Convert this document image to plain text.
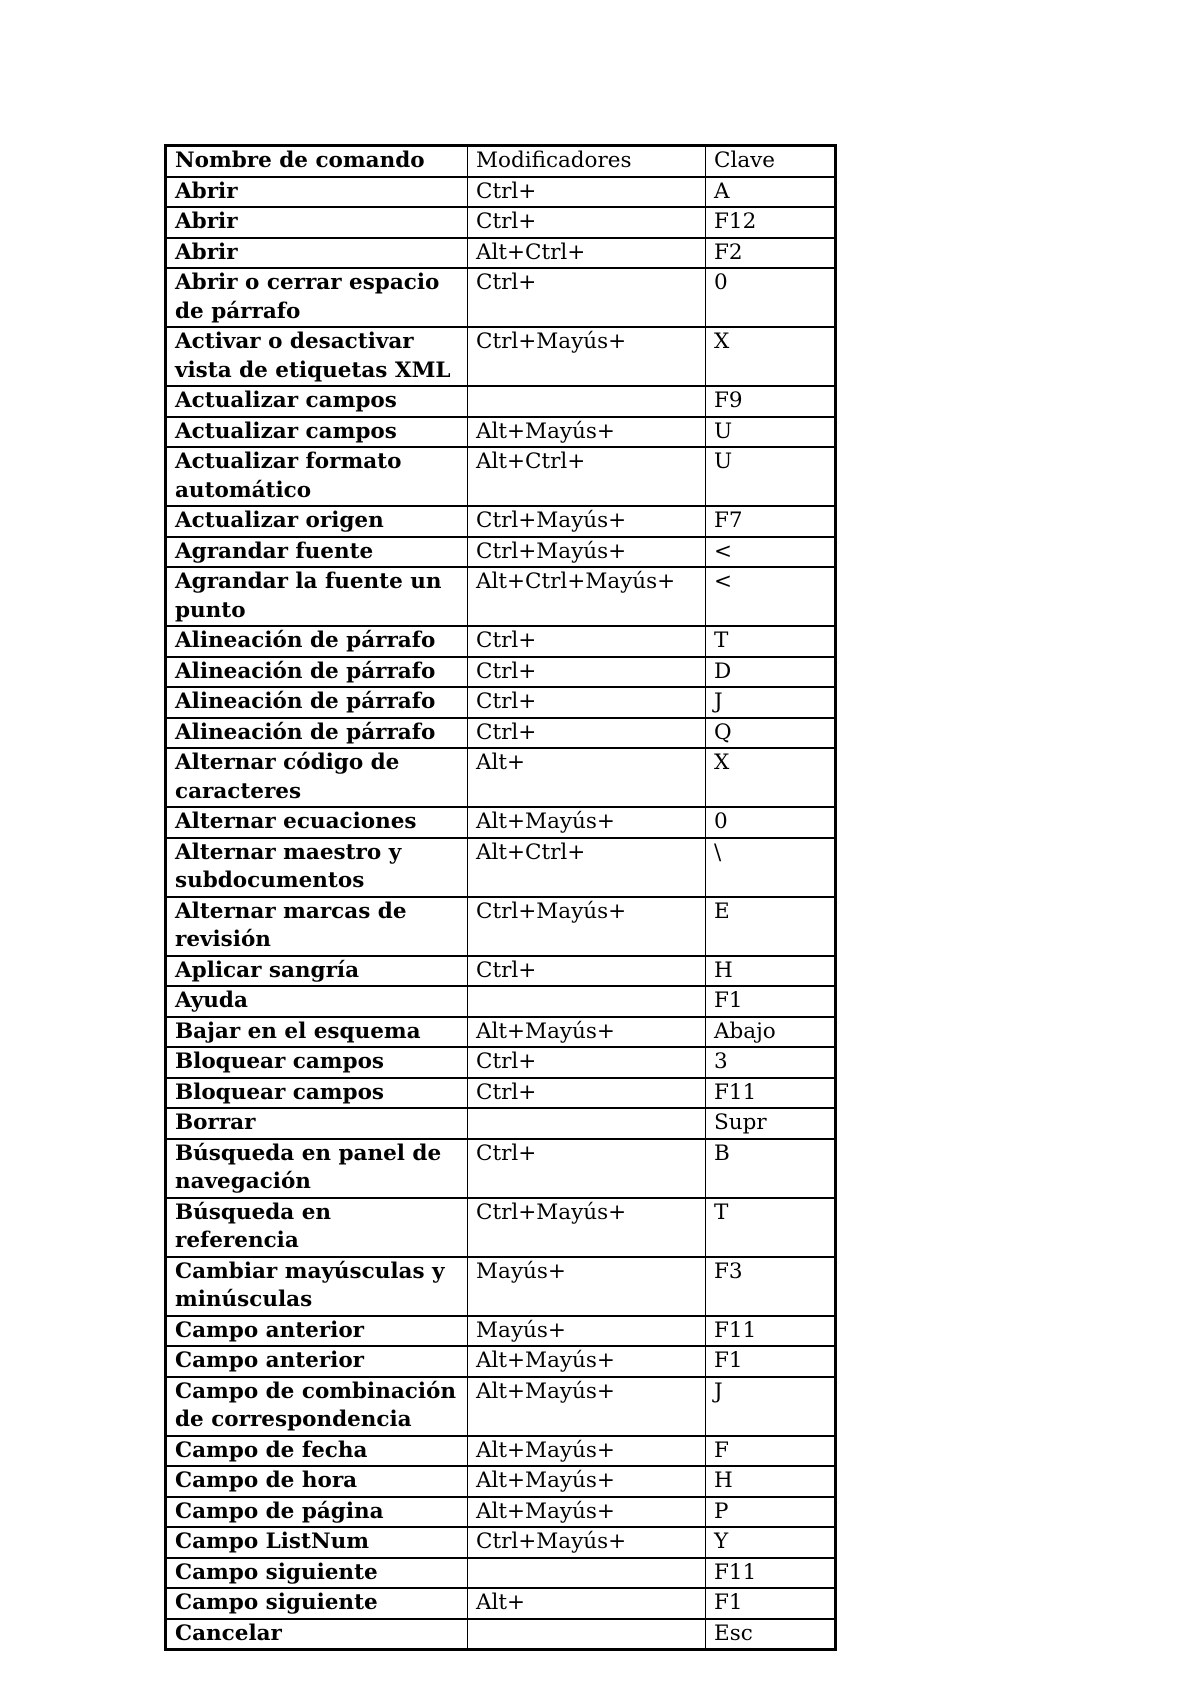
Nombre de comando	Modificadores	Clave
Abrir	Ctrl+	A
Abrir	Ctrl+	F12
Abrir	Alt+Ctrl+	F2
Abrir o cerrar espacio de párrafo	Ctrl+	0
Activar o desactivar vista de etiquetas XML	Ctrl+Mayús+	X
Actualizar campos		F9
Actualizar campos	Alt+Mayús+	U
Actualizar formato automático	Alt+Ctrl+	U
Actualizar origen	Ctrl+Mayús+	F7
Agrandar fuente	Ctrl+Mayús+	<
Agrandar la fuente un punto	Alt+Ctrl+Mayús+	<
Alineación de párrafo	Ctrl+	T
Alineación de párrafo	Ctrl+	D
Alineación de párrafo	Ctrl+	J
Alineación de párrafo	Ctrl+	Q
Alternar código de caracteres	Alt+	X
Alternar ecuaciones	Alt+Mayús+	0
Alternar maestro y subdocumentos	Alt+Ctrl+	\
Alternar marcas de revisión	Ctrl+Mayús+	E
Aplicar sangría	Ctrl+	H
Ayuda		F1
Bajar en el esquema	Alt+Mayús+	Abajo
Bloquear campos	Ctrl+	3
Bloquear campos	Ctrl+	F11
Borrar		Supr
Búsqueda en panel de navegación	Ctrl+	B
Búsqueda en referencia	Ctrl+Mayús+	T
Cambiar mayúsculas y minúsculas	Mayús+	F3
Campo anterior	Mayús+	F11
Campo anterior	Alt+Mayús+	F1
Campo de combinación de correspondencia	Alt+Mayús+	J
Campo de fecha	Alt+Mayús+	F
Campo de hora	Alt+Mayús+	H
Campo de página	Alt+Mayús+	P
Campo ListNum	Ctrl+Mayús+	Y
Campo siguiente		F11
Campo siguiente	Alt+	F1
Cancelar		Esc
